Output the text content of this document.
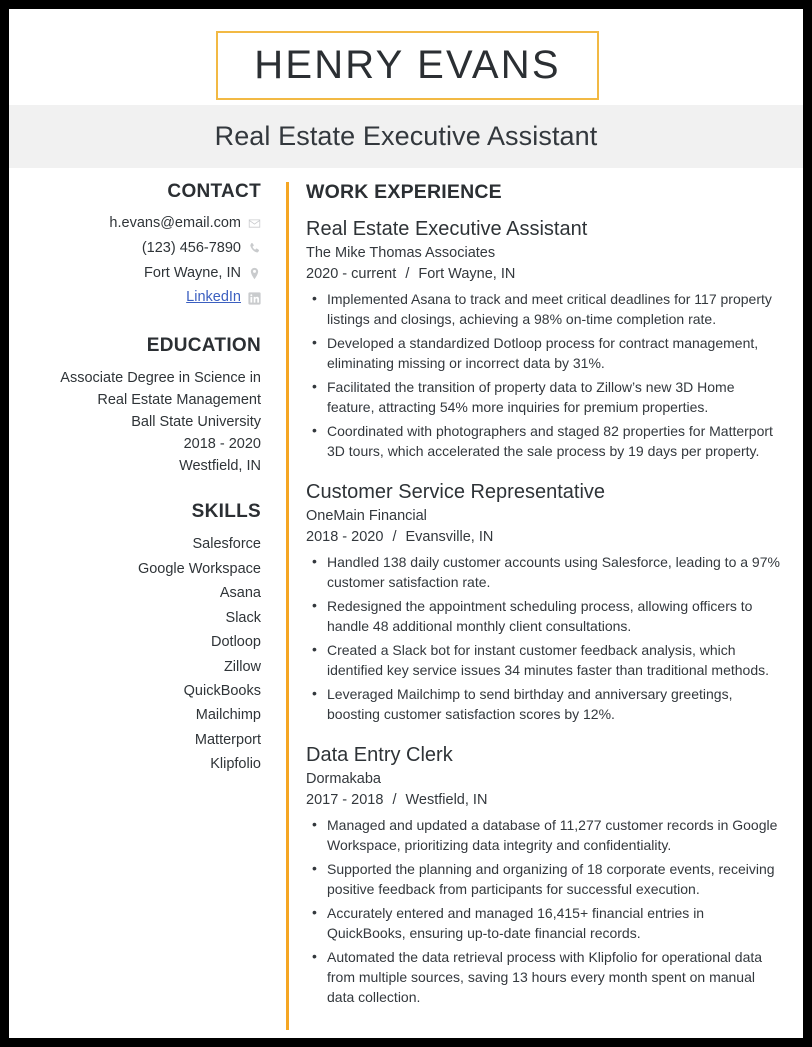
HENRY EVANS
Real Estate Executive Assistant
CONTACT
h.evans@email.com
(123) 456-7890
Fort Wayne, IN
LinkedIn
EDUCATION
Associate Degree in Science in
Real Estate Management
Ball State University
2018 - 2020
Westfield, IN
SKILLS
Salesforce
Google Workspace
Asana
Slack
Dotloop
Zillow
QuickBooks
Mailchimp
Matterport
Klipfolio
WORK EXPERIENCE
Real Estate Executive Assistant
The Mike Thomas Associates
2020 - current / Fort Wayne, IN
• Implemented Asana to track and meet critical deadlines for 117 property listings and closings, achieving a 98% on-time completion rate.
• Developed a standardized Dotloop process for contract management, eliminating missing or incorrect data by 31%.
• Facilitated the transition of property data to Zillow’s new 3D Home feature, attracting 54% more inquiries for premium properties.
• Coordinated with photographers and staged 82 properties for Matterport 3D tours, which accelerated the sale process by 19 days per property.
Customer Service Representative
OneMain Financial
2018 - 2020 / Evansville, IN
• Handled 138 daily customer accounts using Salesforce, leading to a 97% customer satisfaction rate.
• Redesigned the appointment scheduling process, allowing officers to handle 48 additional monthly client consultations.
• Created a Slack bot for instant customer feedback analysis, which identified key service issues 34 minutes faster than traditional methods.
• Leveraged Mailchimp to send birthday and anniversary greetings, boosting customer satisfaction scores by 12%.
Data Entry Clerk
Dormakaba
2017 - 2018 / Westfield, IN
• Managed and updated a database of 11,277 customer records in Google Workspace, prioritizing data integrity and confidentiality.
• Supported the planning and organizing of 18 corporate events, receiving positive feedback from participants for successful execution.
• Accurately entered and managed 16,415+ financial entries in QuickBooks, ensuring up-to-date financial records.
• Automated the data retrieval process with Klipfolio for operational data from multiple sources, saving 13 hours every month spent on manual data collection.
